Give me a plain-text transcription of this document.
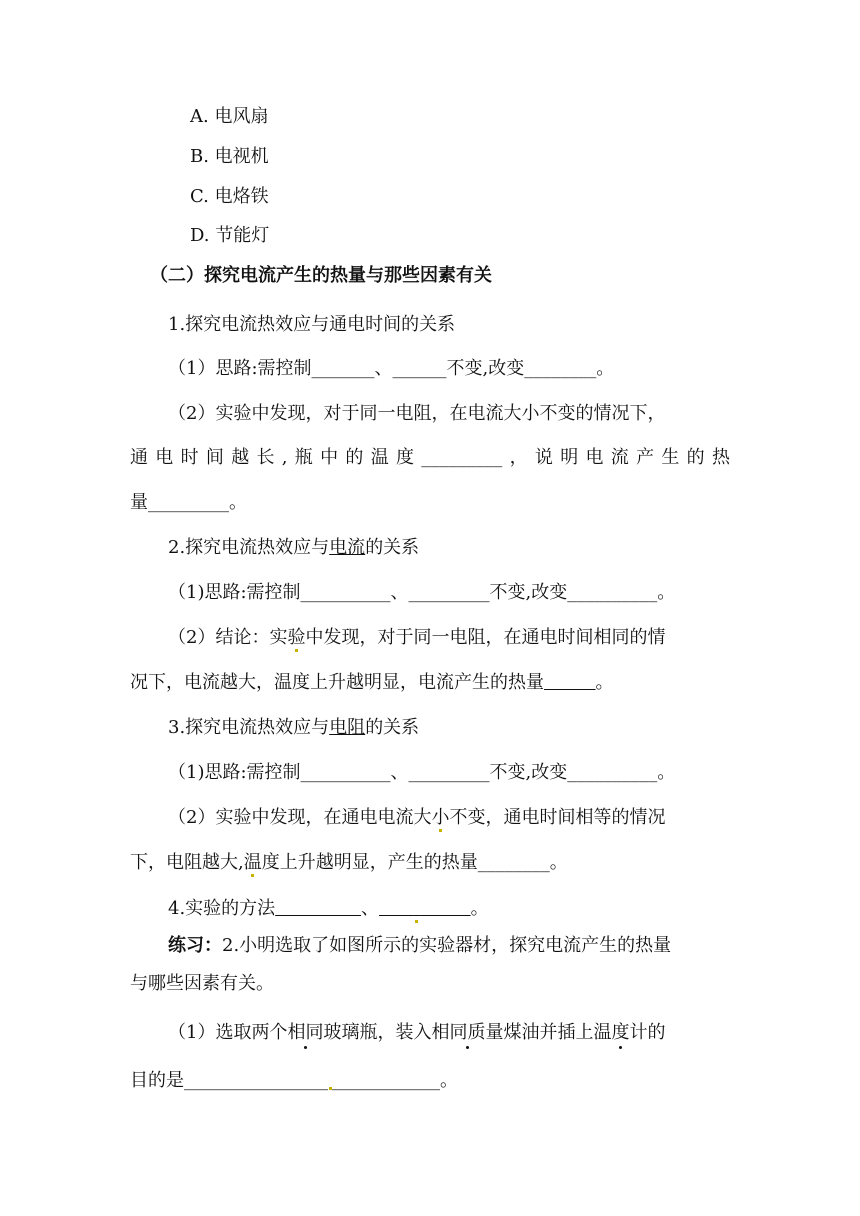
A. 电风扇
B. 电视机
C. 电烙铁
D. 节能灯
（二）探究电流产生的热量与那些因素有关
1.探究电流热效应与通电时间的关系
（1）思路:需控制_______、______不变,改变________。
（2）实验中发现，对于同一电阻，在电流大小不变的情况下，
通电时间越长,瓶中的温度_________，说明电流产生的热
量_________。
2.探究电流热效应与电流的关系
（1)思路:需控制__________、_________不变,改变__________。
（2）结论：实验中发现，对于同一电阻，在通电时间相同的情
况下，电流越大，温度上升越明显，电流产生的热量	。
3.探究电流热效应与电阻的关系
（1)思路:需控制__________、_________不变,改变__________。
（2）实验中发现，在通电电流大小不变，通电时间相等的情况
下，电阻越大,温度上升越明显，产生的热量________。
4.实验的方法	、	。
练习：2.小明选取了如图所示的实验器材，探究电流产生的热量
与哪些因素有关。
（1）选取两个相同玻璃瓶，装入相同质量煤油并插上温度计的
目的是________________ ____________。
